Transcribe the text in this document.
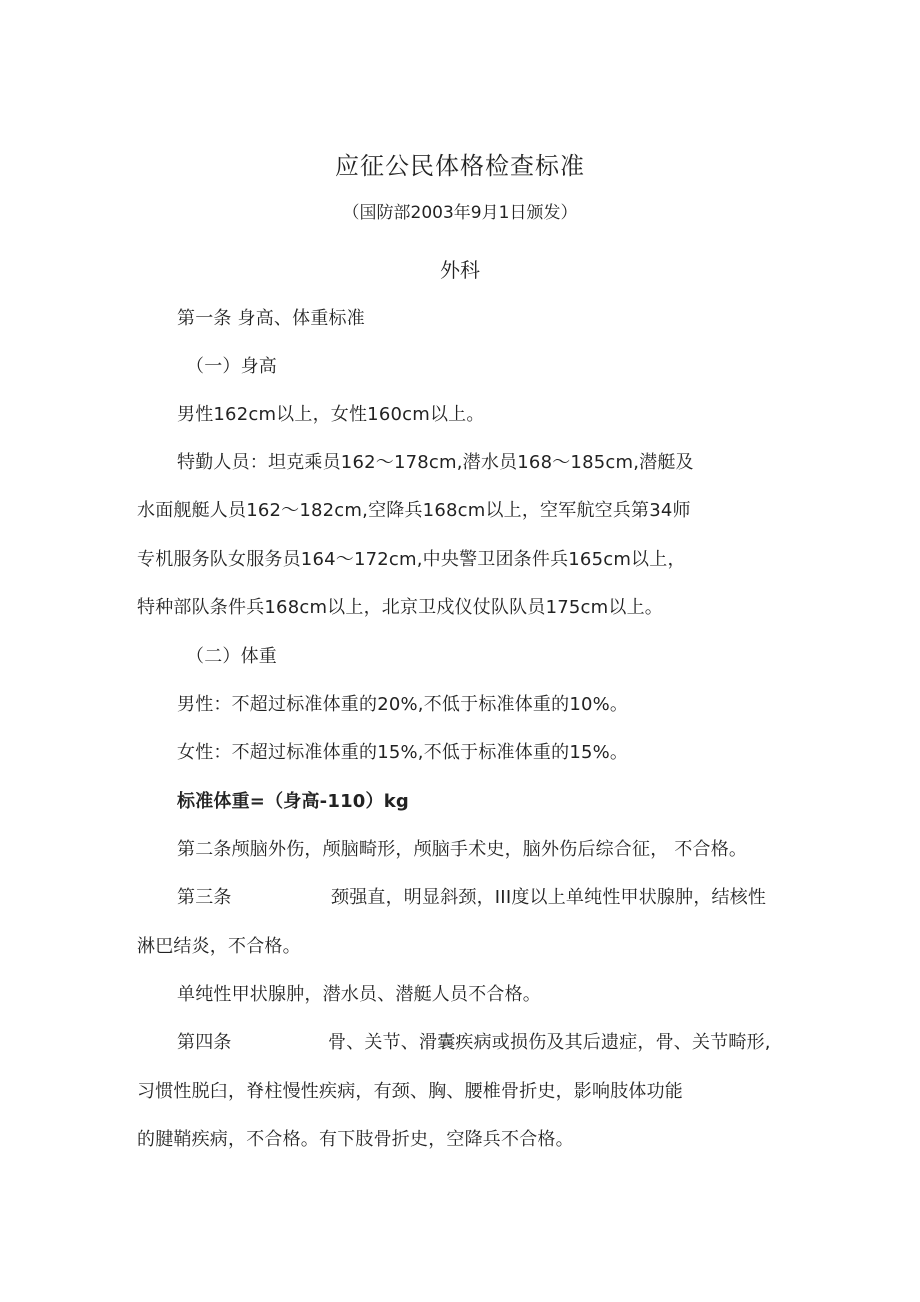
应征公民体格检查标准
（国防部2003年9月1日颁发）
外科
第一条 身高、体重标准
（一）身高
男性162cm以上，女性160cm以上。
特勤人员：坦克乘员162～178cm,潜水员168～185cm,潜艇及
水面舰艇人员162～182cm,空降兵168cm以上，空军航空兵第34师
专机服务队女服务员164～172cm,中央警卫团条件兵165cm以上，
特种部队条件兵168cm以上，北京卫戍仪仗队队员175cm以上。
（二）体重
男性：不超过标准体重的20%,不低于标准体重的10%。
女性：不超过标准体重的15%,不低于标准体重的15%。
标准体重=（身高-110）kg
第二条颅脑外伤，颅脑畸形，颅脑手术史，脑外伤后综合征， 不合格。
第三条	颈强直，明显斜颈，III度以上单纯性甲状腺肿，结核性
淋巴结炎，不合格。
单纯性甲状腺肿，潜水员、潜艇人员不合格。
第四条	骨、关节、滑囊疾病或损伤及其后遗症，骨、关节畸形,
习惯性脱臼，脊柱慢性疾病，有颈、胸、腰椎骨折史，影响肢体功能
的腱鞘疾病，不合格。有下肢骨折史，空降兵不合格。
